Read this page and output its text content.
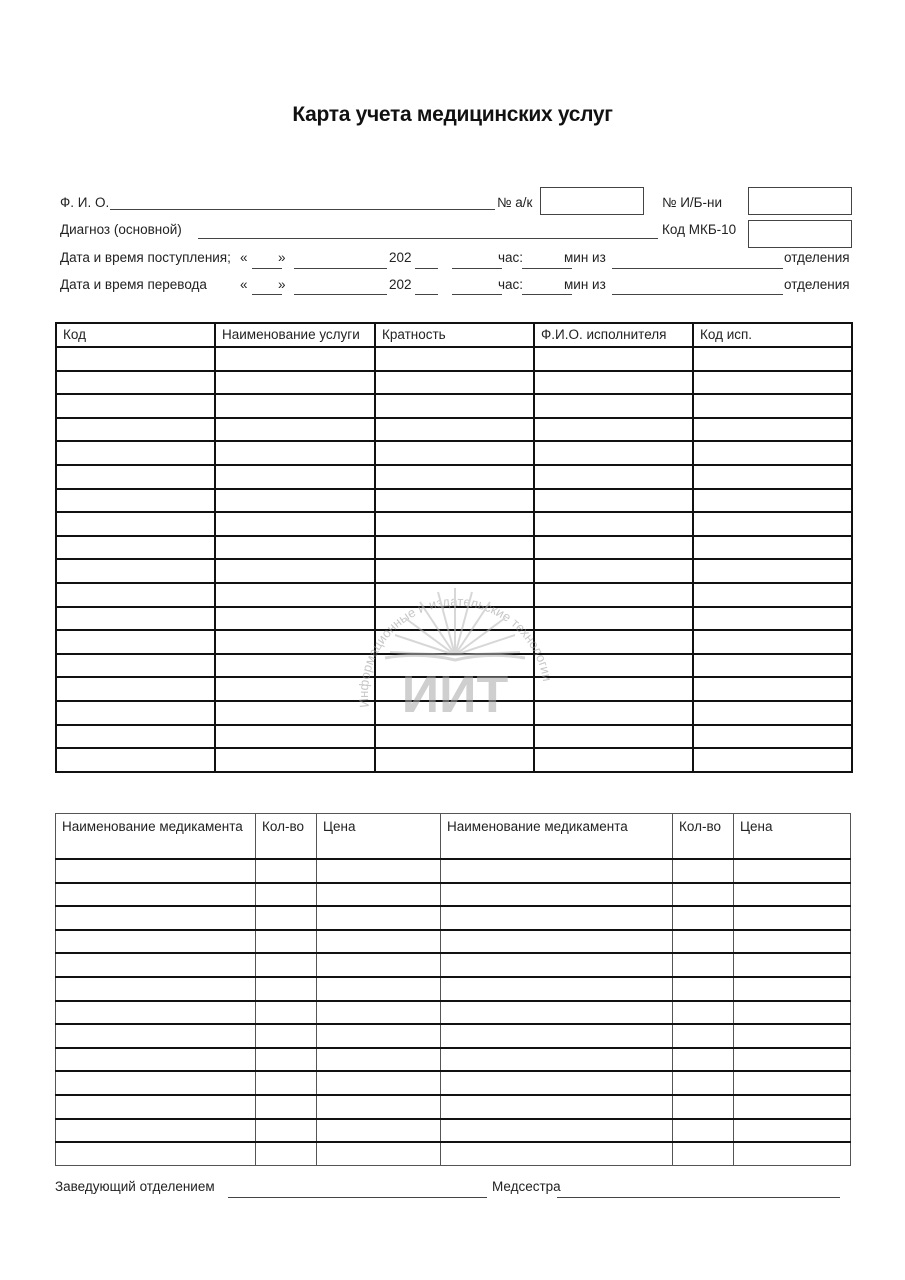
Карта учета медицинских услуг
Ф. И. О.	№ а/к	№ И/Б-ни
Диагноз (основной)	Код МКБ-10
Дата и время поступления; « »	202	час:	мин из	отделения
Дата и время перевода « »	202	час:	мин из	отделения
Код	Наименование услуги	Кратность	Ф.И.О. исполнителя	Код исп.

Информационные и издательские технологии
ИИТ
Наименование медикамента	Кол-во	Цена	Наименование медикамента	Кол-во	Цена

Заведующий отделением	Медсестра
